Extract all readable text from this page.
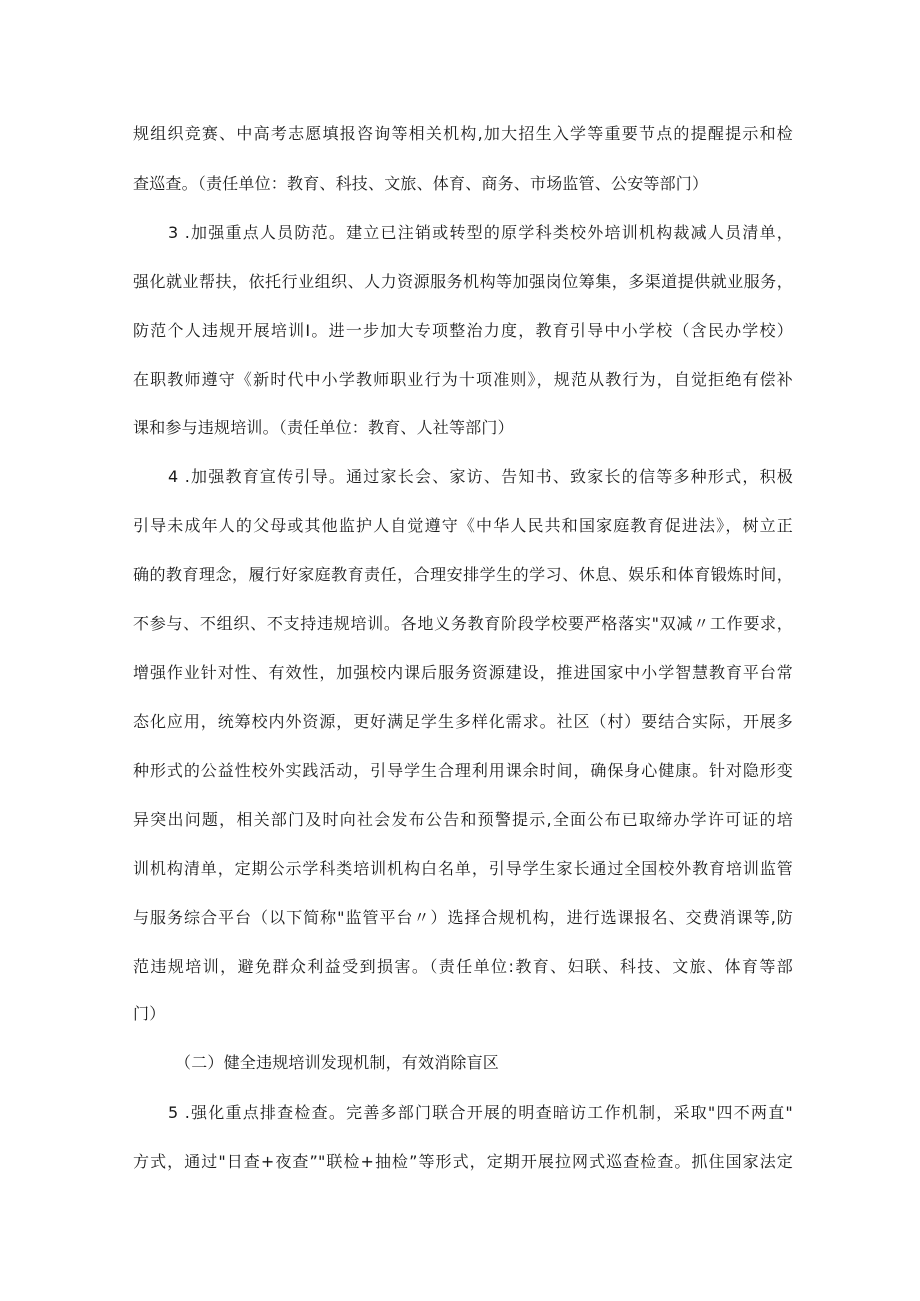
规组织竞赛、中高考志愿填报咨询等相关机构,加大招生入学等重要节点的提醒提示和检
查巡查。（责任单位：教育、科技、文旅、体育、商务、市场监管、公安等部门）
3 .加强重点人员防范。建立已注销或转型的原学科类校外培训机构裁减人员清单，
强化就业帮扶，依托行业组织、人力资源服务机构等加强岗位筹集，多渠道提供就业服务，
防范个人违规开展培训I。进一步加大专项整治力度，教育引导中小学校（含民办学校）
在职教师遵守《新时代中小学教师职业行为十项准则》，规范从教行为，自觉拒绝有偿补
课和参与违规培训。（责任单位：教育、人社等部门）
4 .加强教育宣传引导。通过家长会、家访、告知书、致家长的信等多种形式，积极
引导未成年人的父母或其他监护人自觉遵守《中华人民共和国家庭教育促进法》，树立正
确的教育理念，履行好家庭教育责任，合理安排学生的学习、休息、娱乐和体育锻炼时间，
不参与、不组织、不支持违规培训。各地义务教育阶段学校要严格落实"双减〃工作要求，
增强作业针对性、有效性，加强校内课后服务资源建设，推进国家中小学智慧教育平台常
态化应用，统筹校内外资源，更好满足学生多样化需求。社区（村）要结合实际，开展多
种形式的公益性校外实践活动，引导学生合理利用课余时间，确保身心健康。针对隐形变
异突出问题，相关部门及时向社会发布公告和预警提示,全面公布已取缔办学许可证的培
训机构清单，定期公示学科类培训机构白名单，引导学生家长通过全国校外教育培训监管
与服务综合平台（以下简称"监管平台〃）选择合规机构，进行选课报名、交费消课等,防
范违规培训，避免群众利益受到损害。（责任单位:教育、妇联、科技、文旅、体育等部
门）
（二）健全违规培训发现机制，有效消除盲区
5 .强化重点排查检查。完善多部门联合开展的明查暗访工作机制，采取"四不两直"
方式，通过"日查+夜查”"联检+抽检”等形式，定期开展拉网式巡查检查。抓住国家法定
